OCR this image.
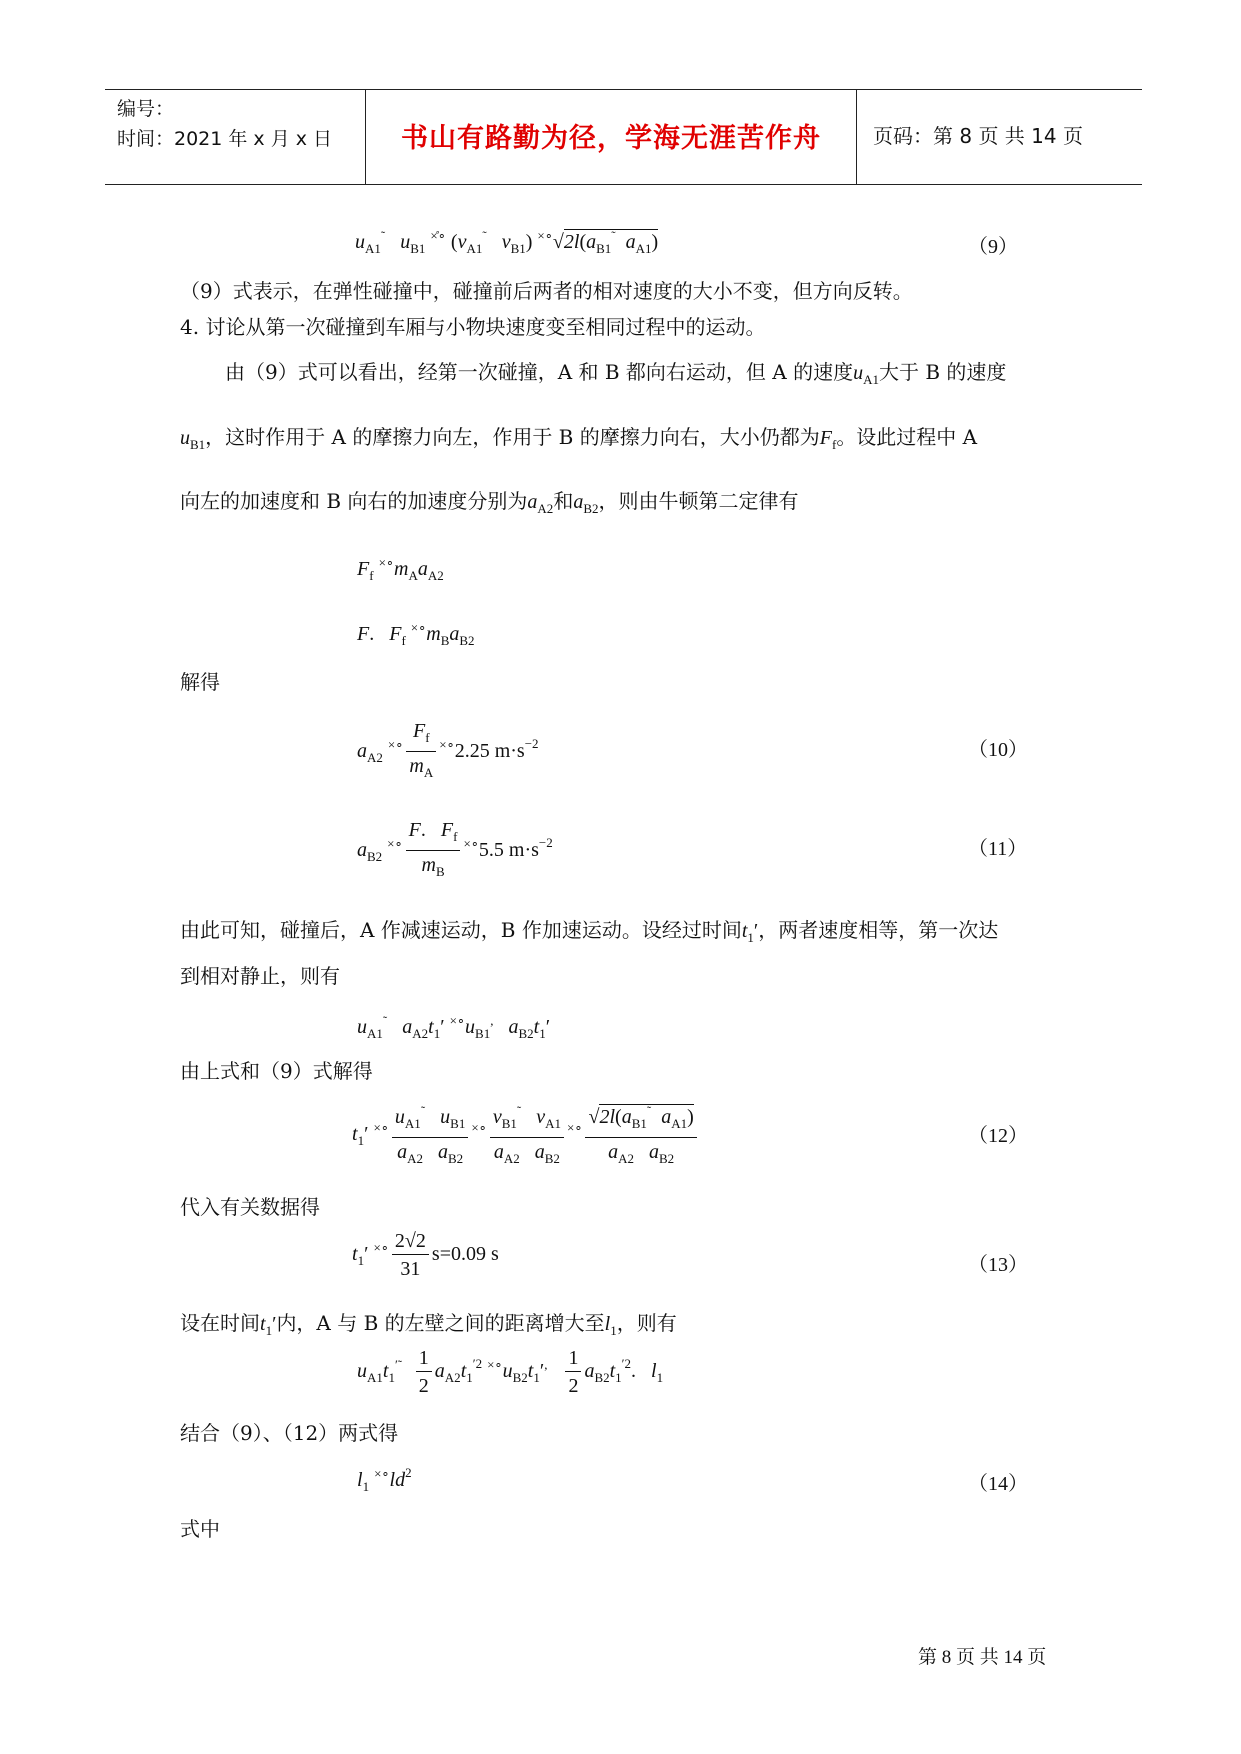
编号：
时间：2021 年 x 月 x 日	书山有路勤为径，学海无涯苦作舟	页码：第 8 页 共 14 页
$u_{A1}^˜$   $u_{B1}$ ×̊∘ ($v_{A1}^˜$   $v_{B1}$) $^{\times\circ}√2l(a_{B1}^˜$  $a_{A1}$)	（9）
（9）式表示，在弹性碰撞中，碰撞前后两者的相对速度的大小不变，但方向反转。
4. 讨论从第一次碰撞到车厢与小物块速度变至相同过程中的运动。
由（9）式可以看出，经第一次碰撞，A 和 B 都向右运动，但 A 的速度$u_{A1}$大于 B 的速度
$u_{B1}$，这时作用于 A 的摩擦力向左，作用于 B 的摩擦力向右，大小仍都为$F_f$。设此过程中 A
向左的加速度和 B 向右的加速度分别为$a_{A2}$和$a_{B2}$，则由牛顿第二定律有
$F_f$ $^{\times\circ}m_Aa_{A2}$
F.   $F_f$ $^{\times\circ}m_Ba_{B2}$
解得
$a_{A2}$ $^{\times\circ} \frac{F_f}{m_A} ^{\times\circ}2.25$ $m\cdot s^{-2}$	（10）
$a_{B2}$ $^{\times\circ} \frac{F. F_f}{m_B} ^{\times\circ}5.5$ $m\cdot s^{-2}$	（11）
由此可知，碰撞后，A 作减速运动，B 作加速运动。设经过时间$t_1'$，两者速度相等，第一次达
到相对静止，则有
$u_{A1}^˜$   $a_{A2}t_1'$ $^{\times\circ}u_{B1}^,$   $a_{B2}t_1'$
由上式和（9）式解得
$t_1'$ $^{\times\circ} \frac{u_{A1}^˜ u_{B1}}{a_{A2} a_{B2}} ^{\times\circ} \frac{v_{B1}^˜ v_{A1}}{a_{A2} a_{B2}} ^{\times\circ} \frac{√2l(a_{B1}^˜ a_{A1})}{a_{A2} a_{B2}}$	（12）
代入有关数据得
$t_1'$ $^{\times\circ} \frac{2√2}{31} s=0.09$ s	（13）
设在时间$t_1'$内，A 与 B 的左壁之间的距离增大至$l_1$，则有
$u_{A1}t_1^{'̃} \frac{1}{2} a_{A2}t_1^{'2}$ $^{\times\circ}u_{B2}t_1'^, \frac{1}{2} a_{B2}t_1^{'2}$.   $l_1$
结合（9）、（12）两式得
$l_1$ $^{\times\circ}ld^2$
（14）
式中
第 8 页 共 14 页
